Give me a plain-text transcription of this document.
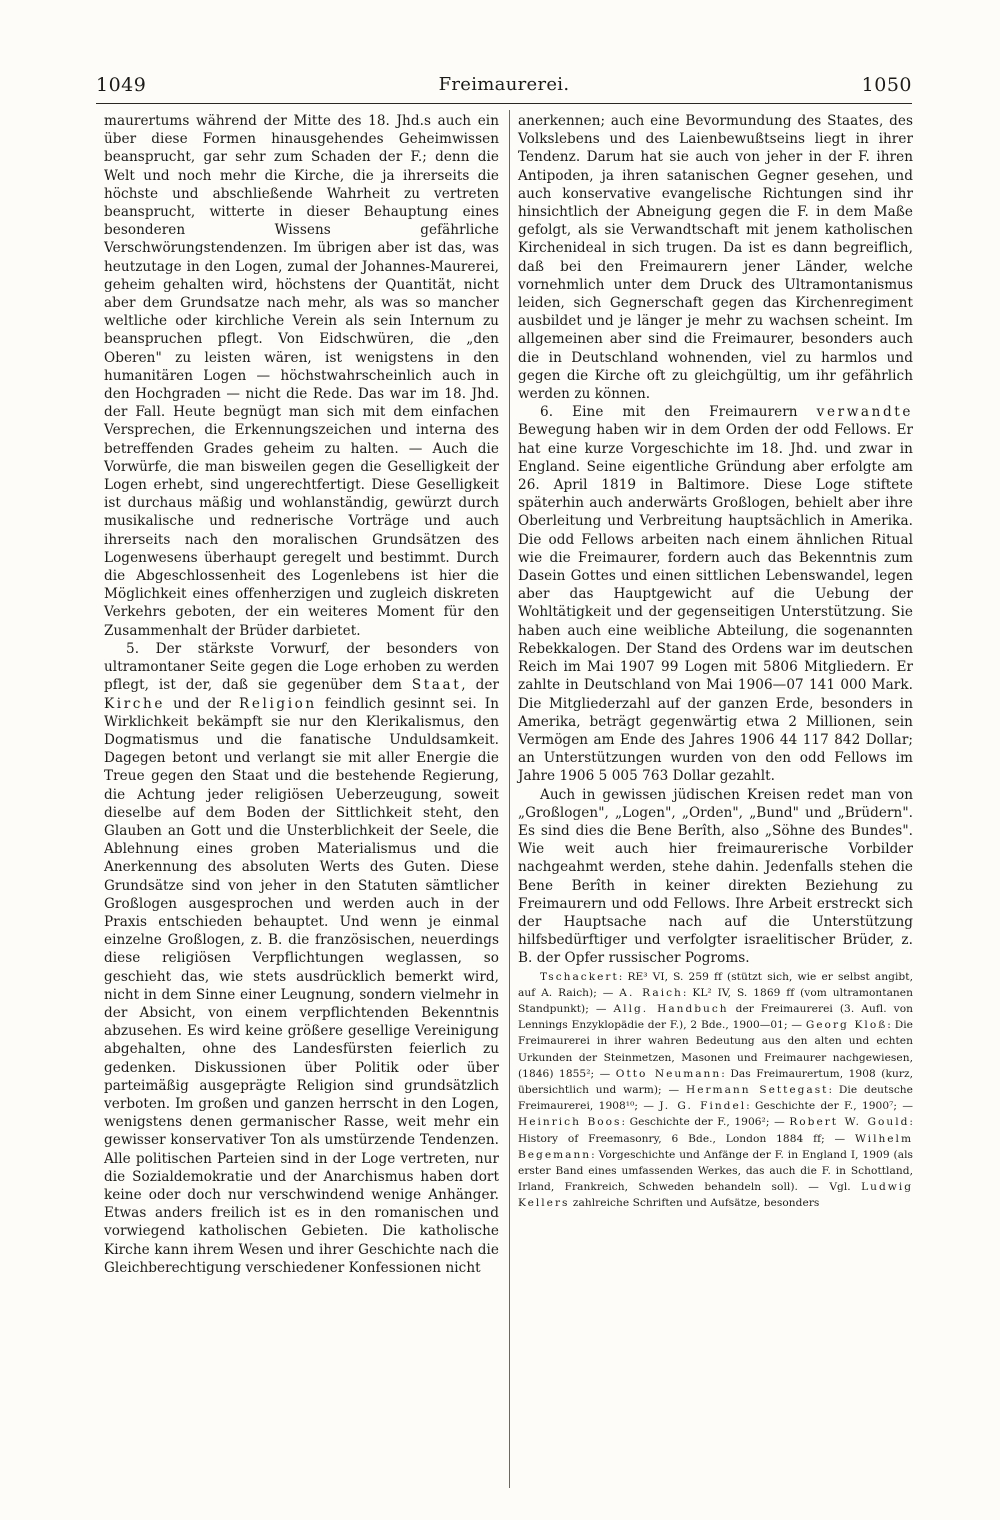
1049	Freimaurerei.	1050

maurertums während der Mitte des 18. Jhd.s auch ein über diese Formen hinausgehendes Geheimwissen beansprucht, gar sehr zum Schaden der F.; denn die Welt und noch mehr die Kirche, die ja ihrerseits die höchste und abschließende Wahrheit zu vertreten beansprucht, witterte in dieser Behauptung eines besonderen Wissens gefährliche Verschwörungstendenzen. Im übrigen aber ist das, was heutzutage in den Logen, zumal der Johannes-Maurerei, geheim gehalten wird, höchstens der Quantität, nicht aber dem Grundsatze nach mehr, als was so mancher weltliche oder kirchliche Verein als sein Internum zu beanspruchen pflegt. Von Eidschwüren, die „den Oberen" zu leisten wären, ist wenigstens in den humanitären Logen — höchstwahrscheinlich auch in den Hochgraden — nicht die Rede. Das war im 18. Jhd. der Fall. Heute begnügt man sich mit dem einfachen Versprechen, die Erkennungszeichen und interna des betreffenden Grades geheim zu halten. — Auch die Vorwürfe, die man bisweilen gegen die Geselligkeit der Logen erhebt, sind ungerechtfertigt. Diese Geselligkeit ist durchaus mäßig und wohlanständig, gewürzt durch musikalische und rednerische Vorträge und auch ihrerseits nach den moralischen Grundsätzen des Logenwesens überhaupt geregelt und bestimmt. Durch die Abgeschlossenheit des Logenlebens ist hier die Möglichkeit eines offenherzigen und zugleich diskreten Verkehrs geboten, der ein weiteres Moment für den Zusammenhalt der Brüder darbietet.

5. Der stärkste Vorwurf, der besonders von ultramontaner Seite gegen die Loge erhoben zu werden pflegt, ist der, daß sie gegenüber dem Staat, der Kirche und der Religion feindlich gesinnt sei. In Wirklichkeit bekämpft sie nur den Klerikalismus, den Dogmatismus und die fanatische Unduldsamkeit. Dagegen betont und verlangt sie mit aller Energie die Treue gegen den Staat und die bestehende Regierung, die Achtung jeder religiösen Ueberzeugung, soweit dieselbe auf dem Boden der Sittlichkeit steht, den Glauben an Gott und die Unsterblichkeit der Seele, die Ablehnung eines groben Materialismus und die Anerkennung des absoluten Werts des Guten. Diese Grundsätze sind von jeher in den Statuten sämtlicher Großlogen ausgesprochen und werden auch in der Praxis entschieden behauptet. Und wenn je einmal einzelne Großlogen, z. B. die französischen, neuerdings diese religiösen Verpflichtungen weglassen, so geschieht das, wie stets ausdrücklich bemerkt wird, nicht in dem Sinne einer Leugnung, sondern vielmehr in der Absicht, von einem verpflichtenden Bekenntnis abzusehen. Es wird keine größere gesellige Vereinigung abgehalten, ohne des Landesfürsten feierlich zu gedenken. Diskussionen über Politik oder über parteimäßig ausgeprägte Religion sind grundsätzlich verboten. Im großen und ganzen herrscht in den Logen, wenigstens denen germanischer Rasse, weit mehr ein gewisser konservativer Ton als umstürzende Tendenzen. Alle politischen Parteien sind in der Loge vertreten, nur die Sozialdemokratie und der Anarchismus haben dort keine oder doch nur verschwindend wenige Anhänger. Etwas anders freilich ist es in den romanischen und vorwiegend katholischen Gebieten. Die katholische Kirche kann ihrem Wesen und ihrer Geschichte nach die Gleichberechtigung verschiedener Konfessionen nicht

anerkennen; auch eine Bevormundung des Staates, des Volkslebens und des Laienbewußtseins liegt in ihrer Tendenz. Darum hat sie auch von jeher in der F. ihren Antipoden, ja ihren satanischen Gegner gesehen, und auch konservative evangelische Richtungen sind ihr hinsichtlich der Abneigung gegen die F. in dem Maße gefolgt, als sie Verwandtschaft mit jenem katholischen Kirchenideal in sich trugen. Da ist es dann begreiflich, daß bei den Freimaurern jener Länder, welche vornehmlich unter dem Druck des Ultramontanismus leiden, sich Gegnerschaft gegen das Kirchenregiment ausbildet und je länger je mehr zu wachsen scheint. Im allgemeinen aber sind die Freimaurer, besonders auch die in Deutschland wohnenden, viel zu harmlos und gegen die Kirche oft zu gleichgültig, um ihr gefährlich werden zu können.

6. Eine mit den Freimaurern verwandte Bewegung haben wir in dem Orden der odd Fellows. Er hat eine kurze Vorgeschichte im 18. Jhd. und zwar in England. Seine eigentliche Gründung aber erfolgte am 26. April 1819 in Baltimore. Diese Loge stiftete späterhin auch anderwärts Großlogen, behielt aber ihre Oberleitung und Verbreitung hauptsächlich in Amerika. Die odd Fellows arbeiten nach einem ähnlichen Ritual wie die Freimaurer, fordern auch das Bekenntnis zum Dasein Gottes und einen sittlichen Lebenswandel, legen aber das Hauptgewicht auf die Uebung der Wohltätigkeit und der gegenseitigen Unterstützung. Sie haben auch eine weibliche Abteilung, die sogenannten Rebekkalogen. Der Stand des Ordens war im deutschen Reich im Mai 1907 99 Logen mit 5806 Mitgliedern. Er zahlte in Deutschland von Mai 1906—07 141 000 Mark. Die Mitgliederzahl auf der ganzen Erde, besonders in Amerika, beträgt gegenwärtig etwa 2 Millionen, sein Vermögen am Ende des Jahres 1906 44 117 842 Dollar; an Unterstützungen wurden von den odd Fellows im Jahre 1906 5 005 763 Dollar gezahlt.

Auch in gewissen jüdischen Kreisen redet man von „Großlogen", „Logen", „Orden", „Bund" und „Brüdern". Es sind dies die Bene Berîth, also „Söhne des Bundes". Wie weit auch hier freimaurerische Vorbilder nachgeahmt werden, stehe dahin. Jedenfalls stehen die Bene Berîth in keiner direkten Beziehung zu Freimaurern und odd Fellows. Ihre Arbeit erstreckt sich der Hauptsache nach auf die Unterstützung hilfsbedürftiger und verfolgter israelitischer Brüder, z. B. der Opfer russischer Pogroms.

Tschackert: RE³ VI, S. 259 ff (stützt sich, wie er selbst angibt, auf A. Raich); — A. Raich: KL² IV, S. 1869 ff (vom ultramontanen Standpunkt); — Allg. Handbuch der Freimaurerei (3. Aufl. von Lennings Enzyklopädie der F.), 2 Bde., 1900—01; — Georg Kloß: Die Freimaurerei in ihrer wahren Bedeutung aus den alten und echten Urkunden der Steinmetzen, Masonen und Freimaurer nachgewiesen, (1846) 1855²; — Otto Neumann: Das Freimaurertum, 1908 (kurz, übersichtlich und warm); — Hermann Settegast: Die deutsche Freimaurerei, 1908¹⁰; — J. G. Findel: Geschichte der F., 1900⁷; — Heinrich Boos: Geschichte der F., 1906²; — Robert W. Gould: History of Freemasonry, 6 Bde., London 1884 ff; — Wilhelm Begemann: Vorgeschichte und Anfänge der F. in England I, 1909 (als erster Band eines umfassenden Werkes, das auch die F. in Schottland, Irland, Frankreich, Schweden behandeln soll). — Vgl. Ludwig Kellers zahlreiche Schriften und Aufsätze, besonders
